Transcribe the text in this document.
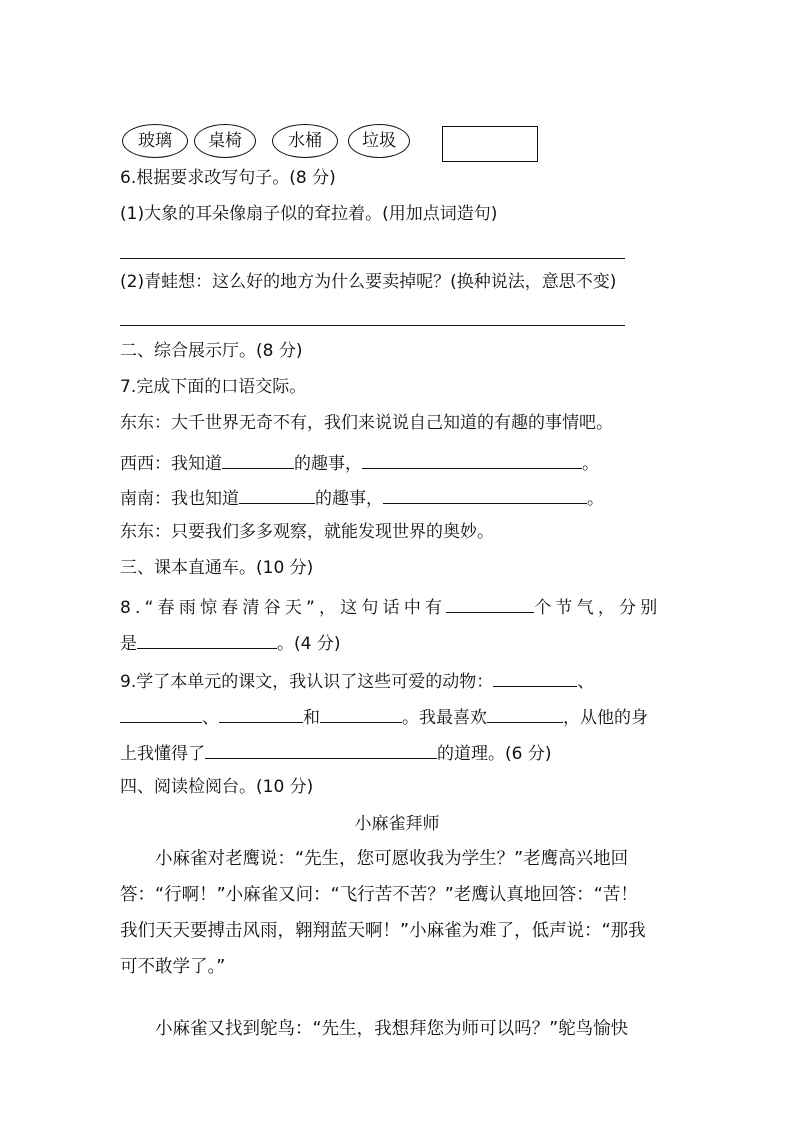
玻璃	桌椅	水桶	垃圾
6.根据要求改写句子。(8 分)
(1)大象的耳朵像扇子似的耷拉着。(用加点词造句)
(2)青蛙想：这么好的地方为什么要卖掉呢？(换种说法，意思不变)
二、综合展示厅。(8 分)
7.完成下面的口语交际。
东东：大千世界无奇不有，我们来说说自己知道的有趣的事情吧。
西西：我知道	的趣事，	。
南南：我也知道	的趣事，	。
东东：只要我们多多观察，就能发现世界的奥妙。
三、课本直通车。(10 分)
8.“春雨惊春清谷天”，这句话中有	个节气，分别
是	。(4 分)
9.学了本单元的课文，我认识了这些可爱的动物：	、
、	和	。我最喜欢	，从他的身
上我懂得了	的道理。(6 分)
四、阅读检阅台。(10 分)
小麻雀拜师
　　小麻雀对老鹰说：“先生，您可愿收我为学生？”老鹰高兴地回
答：“行啊！”小麻雀又问：“飞行苦不苦？”老鹰认真地回答：“苦！
我们天天要搏击风雨，翱翔蓝天啊！”小麻雀为难了，低声说：“那我
可不敢学了。”
　　小麻雀又找到鸵鸟：“先生，我想拜您为师可以吗？”鸵鸟愉快
